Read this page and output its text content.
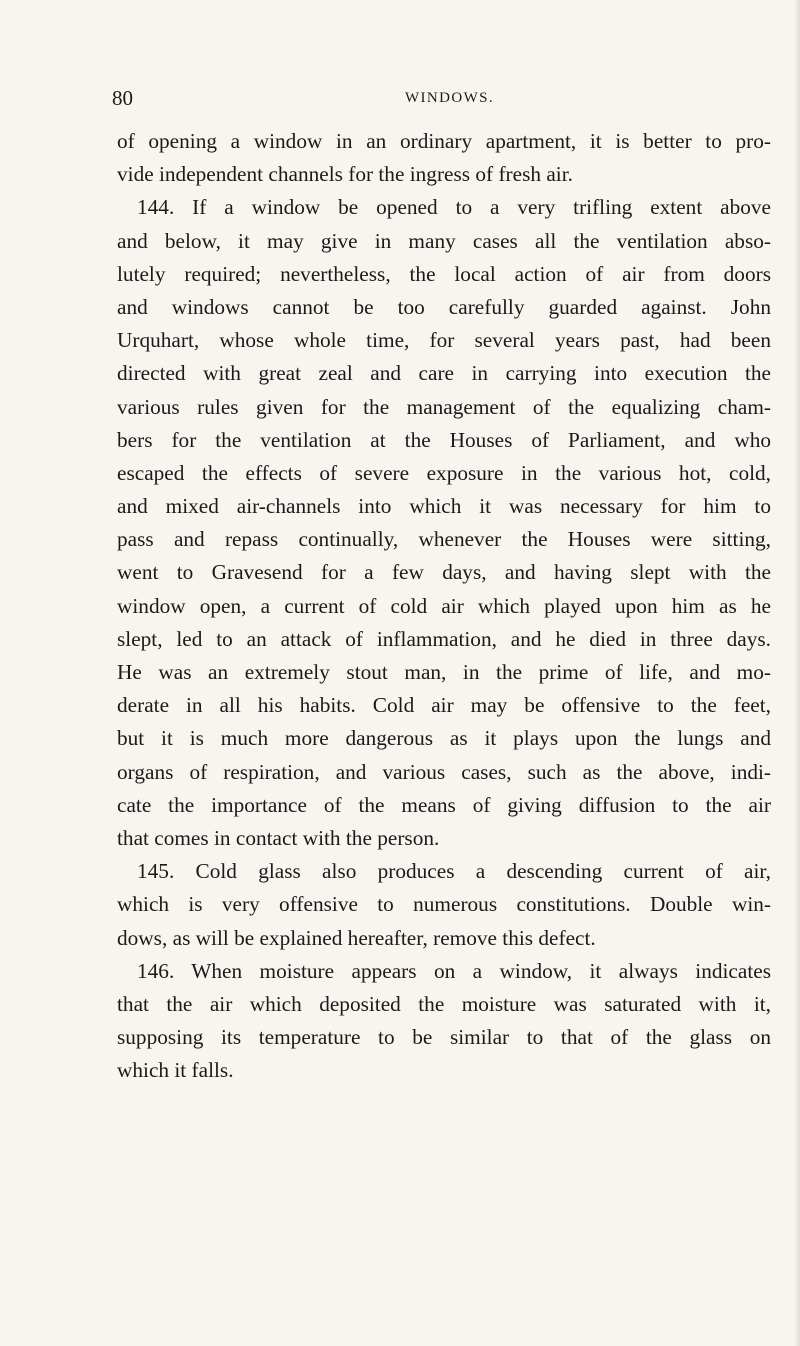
80	WINDOWS.
of opening a window in an ordinary apartment, it is better to pro-
vide independent channels for the ingress of fresh air.
144. If a window be opened to a very trifling extent above
and below, it may give in many cases all the ventilation abso-
lutely required; nevertheless, the local action of air from doors
and windows cannot be too carefully guarded against. John
Urquhart, whose whole time, for several years past, had been
directed with great zeal and care in carrying into execution the
various rules given for the management of the equalizing cham-
bers for the ventilation at the Houses of Parliament, and who
escaped the effects of severe exposure in the various hot, cold,
and mixed air-channels into which it was necessary for him to
pass and repass continually, whenever the Houses were sitting,
went to Gravesend for a few days, and having slept with the
window open, a current of cold air which played upon him as he
slept, led to an attack of inflammation, and he died in three days.
He was an extremely stout man, in the prime of life, and mo-
derate in all his habits. Cold air may be offensive to the feet,
but it is much more dangerous as it plays upon the lungs and
organs of respiration, and various cases, such as the above, indi-
cate the importance of the means of giving diffusion to the air
that comes in contact with the person.
145. Cold glass also produces a descending current of air,
which is very offensive to numerous constitutions. Double win-
dows, as will be explained hereafter, remove this defect.
146. When moisture appears on a window, it always indicates
that the air which deposited the moisture was saturated with it,
supposing its temperature to be similar to that of the glass on
which it falls.
